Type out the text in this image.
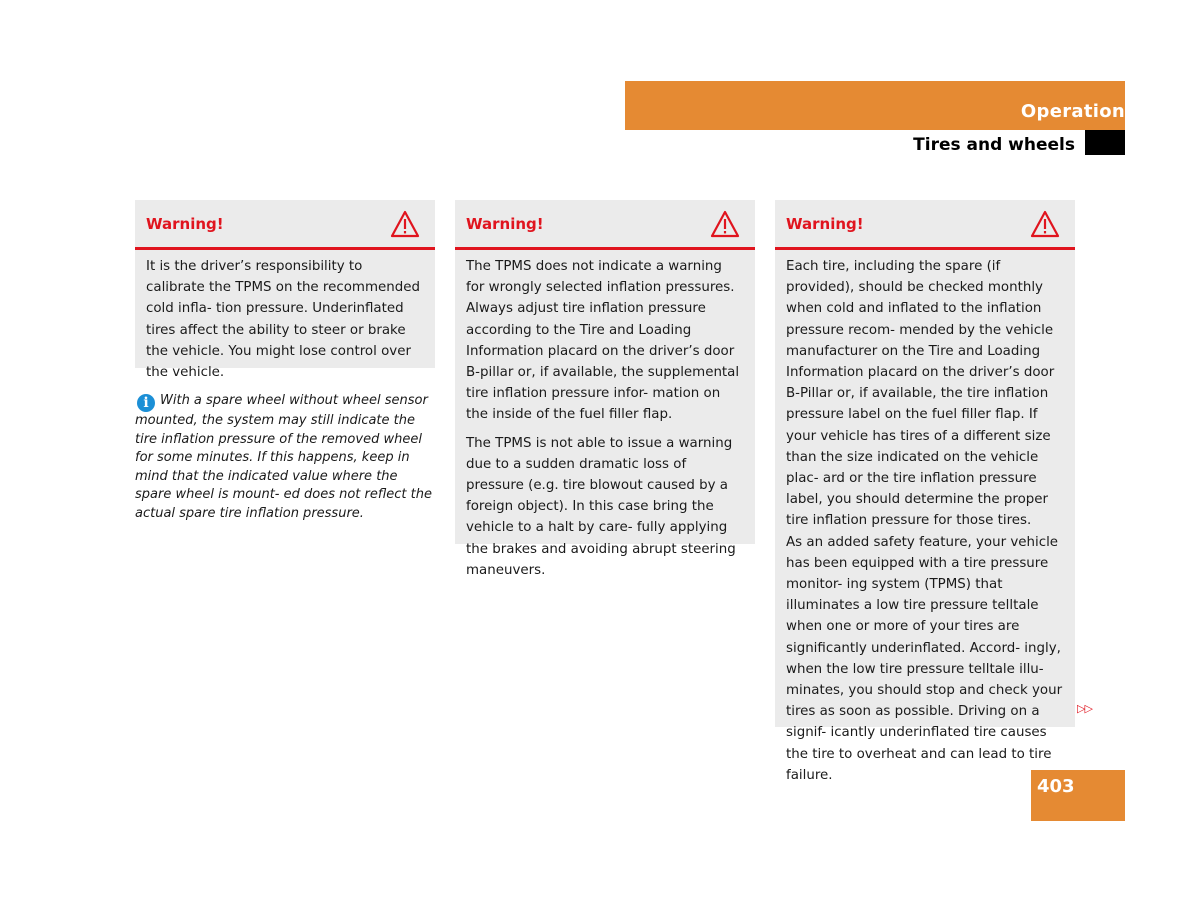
Operation
Tires and wheels
Warning!

It is the driver’s responsibility to calibrate the TPMS on the recommended cold infla- tion pressure. Underinflated tires affect the ability to steer or brake the vehicle. You might lose control over the vehicle.

i With a spare wheel without wheel sensor mounted, the system may still indicate the tire inflation pressure of the removed wheel for some minutes. If this happens, keep in mind that the indicated value where the spare wheel is mount- ed does not reflect the actual spare tire inflation pressure.
Warning!

The TPMS does not indicate a warning for wrongly selected inflation pressures. Always adjust tire inflation pressure according to the Tire and Loading Information placard on the driver’s door B-pillar or, if available, the supplemental tire inflation pressure infor- mation on the inside of the fuel filler flap.

The TPMS is not able to issue a warning due to a sudden dramatic loss of pressure (e.g. tire blowout caused by a foreign object). In this case bring the vehicle to a halt by care- fully applying the brakes and avoiding abrupt steering maneuvers.

Warning!

Each tire, including the spare (if provided), should be checked monthly when cold and inflated to the inflation pressure recom- mended by the vehicle manufacturer on the Tire and Loading Information placard on the driver’s door B-Pillar or, if available, the tire inflation pressure label on the fuel filler flap. If your vehicle has tires of a different size than the size indicated on the vehicle plac- ard or the tire inflation pressure label, you should determine the proper tire inflation pressure for those tires.

As an added safety feature, your vehicle has been equipped with a tire pressure monitor- ing system (TPMS) that illuminates a low tire pressure telltale when one or more of your tires are significantly underinflated. Accord- ingly, when the low tire pressure telltale illu- minates, you should stop and check your tires as soon as possible. Driving on a signif- icantly underinflated tire causes the tire to overheat and can lead to tire failure.

▷▷
403
